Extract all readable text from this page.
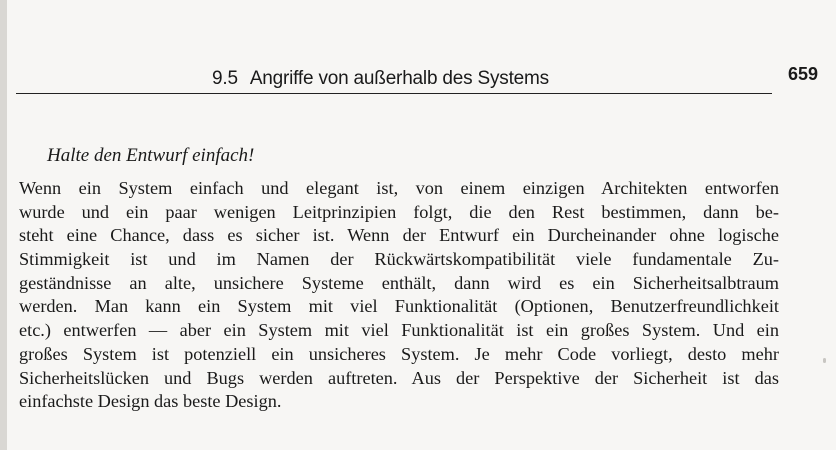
9.5 Angriffe von außerhalb des Systems	659
Halte den Entwurf einfach!
Wenn ein System einfach und elegant ist, von einem einzigen Architekten entworfen
wurde und ein paar wenigen Leitprinzipien folgt, die den Rest bestimmen, dann be-
steht eine Chance, dass es sicher ist. Wenn der Entwurf ein Durcheinander ohne logische
Stimmigkeit ist und im Namen der Rückwärtskompatibilität viele fundamentale Zu-
geständnisse an alte, unsichere Systeme enthält, dann wird es ein Sicherheitsalbtraum
werden. Man kann ein System mit viel Funktionalität (Optionen, Benutzerfreundlichkeit
etc.) entwerfen — aber ein System mit viel Funktionalität ist ein großes System. Und ein
großes System ist potenziell ein unsicheres System. Je mehr Code vorliegt, desto mehr
Sicherheitslücken und Bugs werden auftreten. Aus der Perspektive der Sicherheit ist das
einfachste Design das beste Design.
